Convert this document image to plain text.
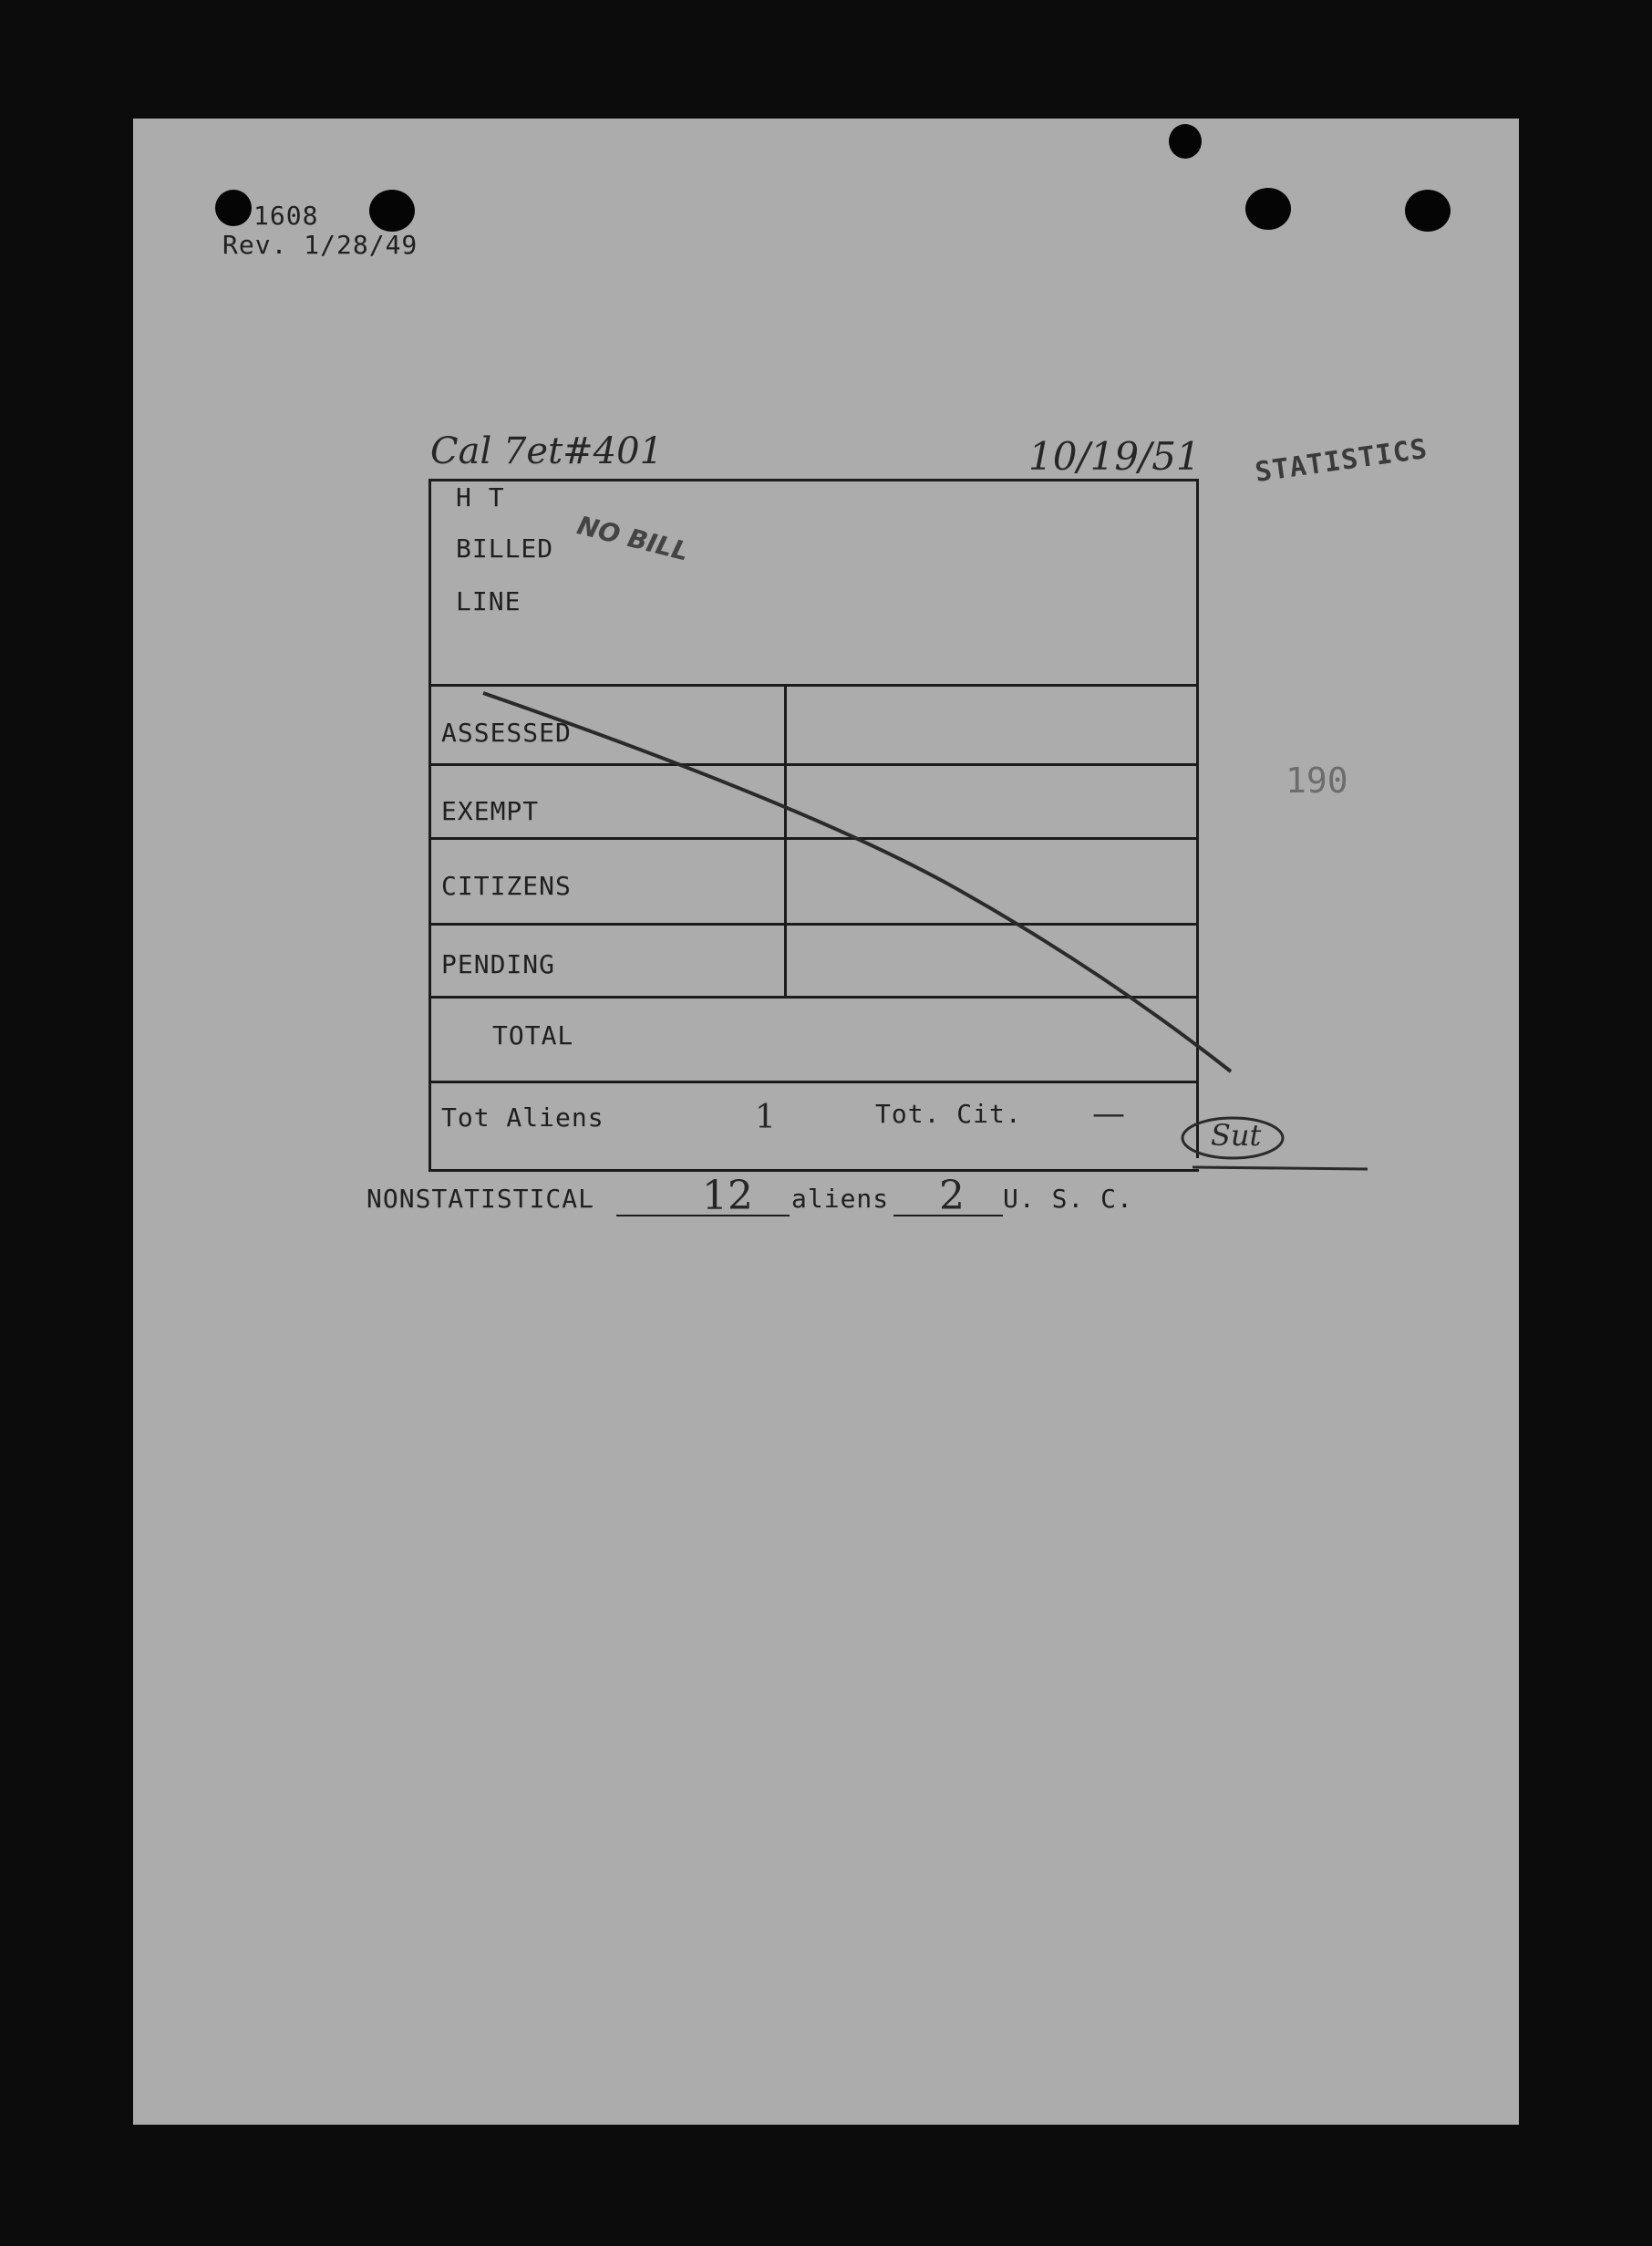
1608
Rev. 1/28/49
Cal 7et#401	10/19/51 STATISTICS
NO BILL
190
H T
BILLED
LINE
ASSESSED
EXEMPT
CITIZENS
PENDING
TOTAL
Tot Aliens	1	Tot. Cit. —
Sut
NONSTATISTICAL	12 aliens 2 U. S. C.
